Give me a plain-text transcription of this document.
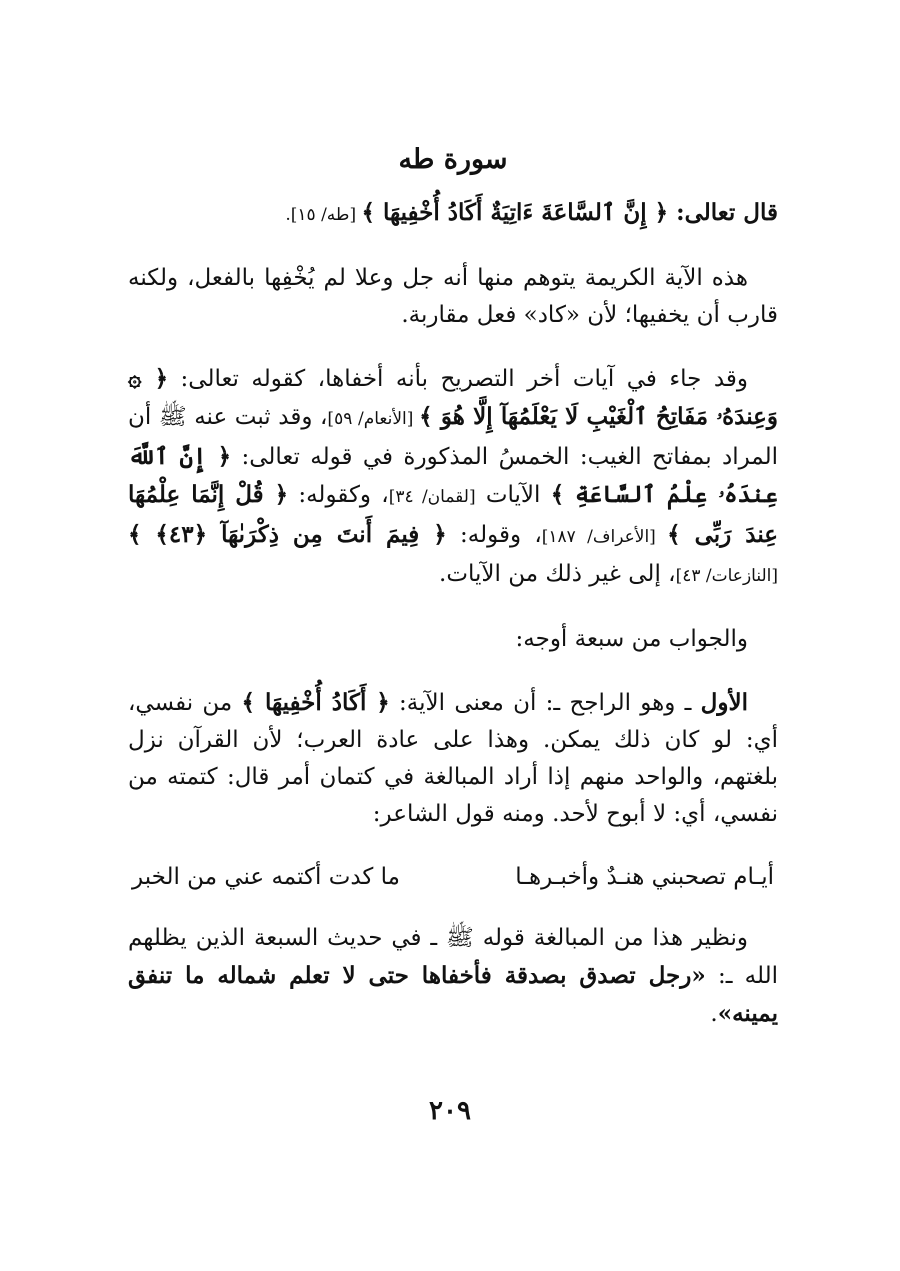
سورة طه

قال تعالى: ﴿ إِنَّ ٱلسَّاعَةَ ءَاتِيَةٌ أَكَادُ أُخْفِيهَا ﴾ [طه/ ١٥].

هذه الآية الكريمة يتوهم منها أنه جل وعلا لم يُخْفِها بالفعل، ولكنه قارب أن يخفيها؛ لأن «كاد» فعل مقاربة.

وقد جاء في آيات أخر التصريح بأنه أخفاها، كقوله تعالى: ﴿ ۞ وَعِندَهُۥ مَفَاتِحُ ٱلْغَيْبِ لَا يَعْلَمُهَآ إِلَّا هُوَ ﴾ [الأنعام/ ٥٩]، وقد ثبت عنه ﷺ أن المراد بمفاتح الغيب: الخمسُ المذكورة في قوله تعالى: ﴿ إِنَّ ٱللَّهَ عِندَهُۥ عِلْمُ ٱلسَّاعَةِ ﴾ الآيات [لقمان/ ٣٤]، وكقوله: ﴿ قُلْ إِنَّمَا عِلْمُهَا عِندَ رَبِّى ﴾ [الأعراف/ ١٨٧]، وقوله: ﴿ فِيمَ أَنتَ مِن ذِكْرَىٰهَآ ﴿٤٣﴾ ﴾ [النازعات/ ٤٣]، إلى غير ذلك من الآيات.

والجواب من سبعة أوجه:

الأول ـ وهو الراجح ـ: أن معنى الآية: ﴿ أَكَادُ أُخْفِيهَا ﴾ من نفسي، أي: لو كان ذلك يمكن. وهذا على عادة العرب؛ لأن القرآن نزل بلغتهم، والواحد منهم إذا أراد المبالغة في كتمان أمر قال: كتمته من نفسي، أي: لا أبوح لأحد. ومنه قول الشاعر:

أيـام تصحبني هنـدٌ وأخبـرهـا
ما كدت أكتمه عني من الخبر

ونظير هذا من المبالغة قوله ﷺ ـ في حديث السبعة الذين يظلهم الله ـ: «رجل تصدق بصدقة فأخفاها حتى لا تعلم شماله ما تنفق يمينه».

٢٠٩
